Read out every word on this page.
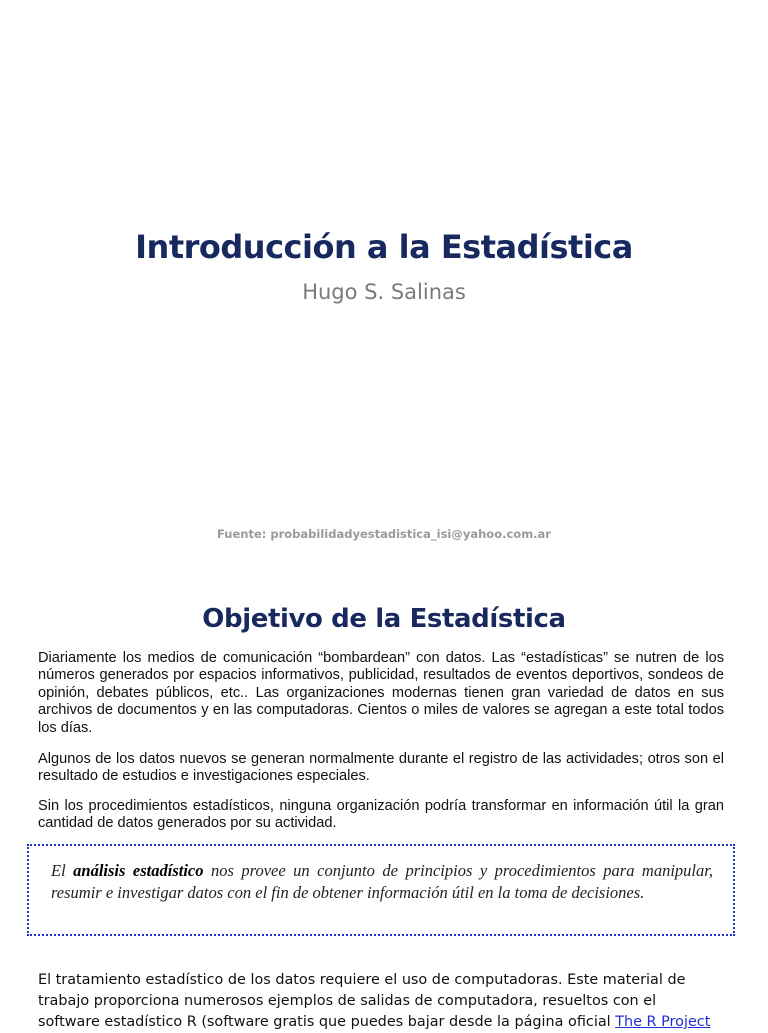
Introducción a la Estadística
Hugo S. Salinas
Fuente: probabilidadyestadistica_isi@yahoo.com.ar
Objetivo de la Estadística
Diariamente los medios de comunicación “bombardean” con datos. Las “estadísticas” se nutren de los números generados por espacios informativos, publicidad, resultados de eventos deportivos, sondeos de opinión, debates públicos, etc.. Las organizaciones modernas tienen gran variedad de datos en sus archivos de documentos y en las computadoras. Cientos o miles de valores se agregan a este total todos los días.
Algunos de los datos nuevos se generan normalmente durante el registro de las actividades; otros son el resultado de estudios e investigaciones especiales.
Sin los procedimientos estadísticos, ninguna organización podría transformar en información útil la gran cantidad de datos generados por su actividad.
El análisis estadístico nos provee un conjunto de principios y procedimientos para manipular, resumir e investigar datos con el fin de obtener información útil en la toma de decisiones.
El tratamiento estadístico de los datos requiere el uso de computadoras. Este material de
trabajo proporciona numerosos ejemplos de salidas de computadora, resueltos con el
software estadístico R (software gratis que puedes bajar desde la página oficial The R Project
